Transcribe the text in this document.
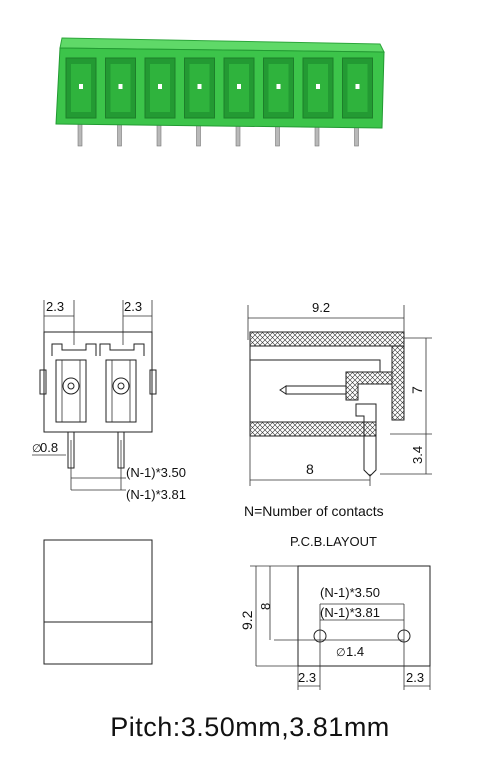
2.3	2.3
∅
0.8
(N-1)*3.50
(N-1)*3.81
9.2
7
3.4
8
N=Number of contacts
P.C.B.LAYOUT
9.2
8
(N-1)*3.50
(N-1)*3.81
∅ 1.4
2.3	2.3
Pitch:3.50mm,3.81mm
